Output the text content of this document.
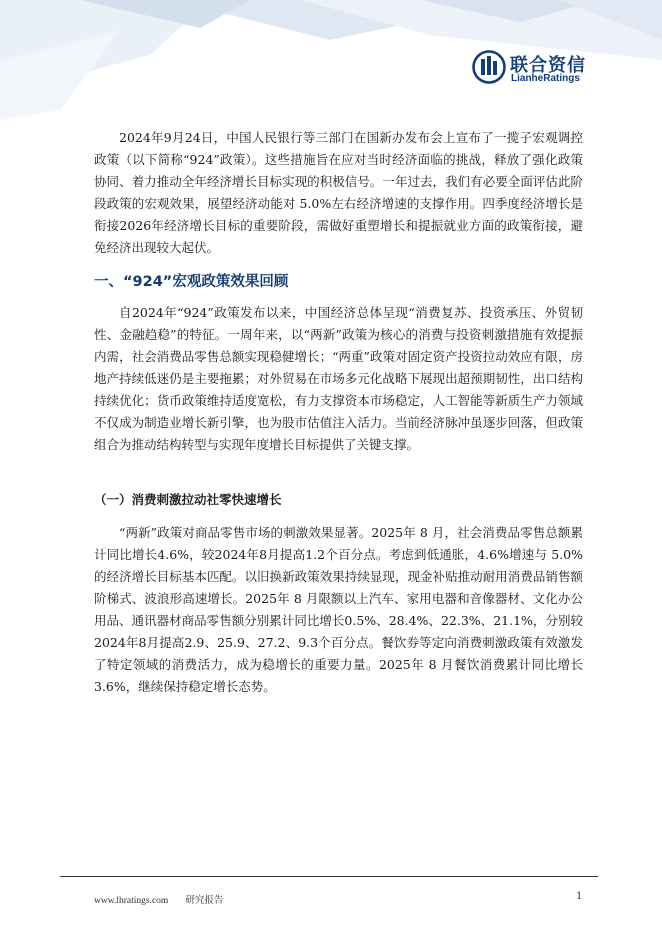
联合资信
LianheRatings

2024年9月24日，中国人民银行等三部门在国新办发布会上宣布了一揽子宏观调控政策（以下简称“924”政策）。这些措施旨在应对当时经济面临的挑战，释放了强化政策协同、着力推动全年经济增长目标实现的积极信号。一年过去，我们有必要全面评估此阶段政策的宏观效果，展望经济动能对 5.0%左右经济增速的支撑作用。四季度经济增长是衔接2026年经济增长目标的重要阶段，需做好重塑增长和提振就业方面的政策衔接，避免经济出现较大起伏。

一、“924”宏观政策效果回顾

自2024年“924”政策发布以来，中国经济总体呈现“消费复苏、投资承压、外贸韧性、金融趋稳”的特征。一周年来，以“两新”政策为核心的消费与投资刺激措施有效提振内需，社会消费品零售总额实现稳健增长；“两重”政策对固定资产投资拉动效应有限，房地产持续低迷仍是主要拖累；对外贸易在市场多元化战略下展现出超预期韧性，出口结构持续优化；货币政策维持适度宽松，有力支撑资本市场稳定，人工智能等新质生产力领域不仅成为制造业增长新引擎，也为股市估值注入活力。当前经济脉冲虽逐步回落，但政策组合为推动结构转型与实现年度增长目标提供了关键支撑。

（一）消费刺激拉动社零快速增长

“两新”政策对商品零售市场的刺激效果显著。2025年 8 月，社会消费品零售总额累计同比增长4.6%，较2024年8月提高1.2个百分点。考虑到低通胀，4.6%增速与 5.0%的经济增长目标基本匹配。以旧换新政策效果持续显现，现金补贴推动耐用消费品销售额阶梯式、波浪形高速增长。2025年 8 月限额以上汽车、家用电器和音像器材、文化办公用品、通讯器材商品零售额分别累计同比增长0.5%、28.4%、22.3%、21.1%，分别较2024年8月提高2.9、25.9、27.2、9.3个百分点。餐饮券等定向消费刺激政策有效激发了特定领域的消费活力，成为稳增长的重要力量。2025年 8 月餐饮消费累计同比增长3.6%，继续保持稳定增长态势。

www.lhratings.com 研究报告	1
